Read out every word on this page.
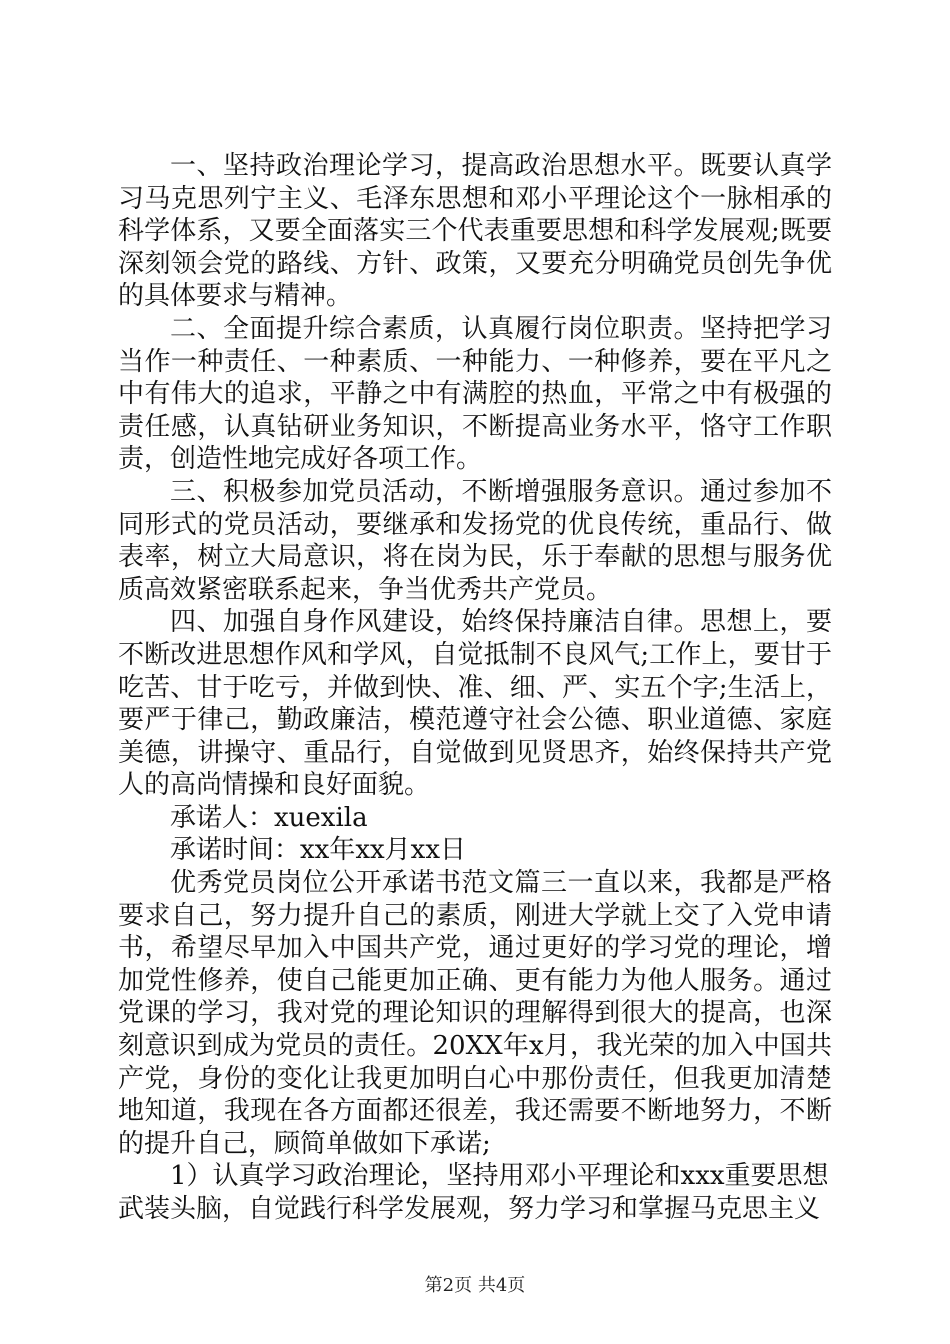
一、坚持政治理论学习，提高政治思想水平。既要认真学习马克思列宁主义、毛泽东思想和邓小平理论这个一脉相承的科学体系，又要全面落实三个代表重要思想和科学发展观;既要深刻领会党的路线、方针、政策，又要充分明确党员创先争优的具体要求与精神。

二、全面提升综合素质，认真履行岗位职责。坚持把学习当作一种责任、一种素质、一种能力、一种修养，要在平凡之中有伟大的追求，平静之中有满腔的热血，平常之中有极强的责任感，认真钻研业务知识，不断提高业务水平，恪守工作职责，创造性地完成好各项工作。

三、积极参加党员活动，不断增强服务意识。通过参加不同形式的党员活动，要继承和发扬党的优良传统，重品行、做表率，树立大局意识，将在岗为民，乐于奉献的思想与服务优质高效紧密联系起来，争当优秀共产党员。

四、加强自身作风建设，始终保持廉洁自律。思想上，要不断改进思想作风和学风，自觉抵制不良风气;工作上，要甘于吃苦、甘于吃亏，并做到快、准、细、严、实五个字;生活上，要严于律己，勤政廉洁，模范遵守社会公德、职业道德、家庭美德，讲操守、重品行，自觉做到见贤思齐，始终保持共产党人的高尚情操和良好面貌。

承诺人：xuexila

承诺时间：xx年xx月xx日

优秀党员岗位公开承诺书范文篇三一直以来，我都是严格要求自己，努力提升自己的素质，刚进大学就上交了入党申请书，希望尽早加入中国共产党，通过更好的学习党的理论，增加党性修养，使自己能更加正确、更有能力为他人服务。通过党课的学习，我对党的理论知识的理解得到很大的提高，也深刻意识到成为党员的责任。20XX年x月，我光荣的加入中国共产党，身份的变化让我更加明白心中那份责任，但我更加清楚地知道，我现在各方面都还很差，我还需要不断地努力，不断的提升自己，顾简单做如下承诺;

1）认真学习政治理论，坚持用邓小平理论和xxx重要思想武装头脑，自觉践行科学发展观，努力学习和掌握马克思主义

第2页 共4页
